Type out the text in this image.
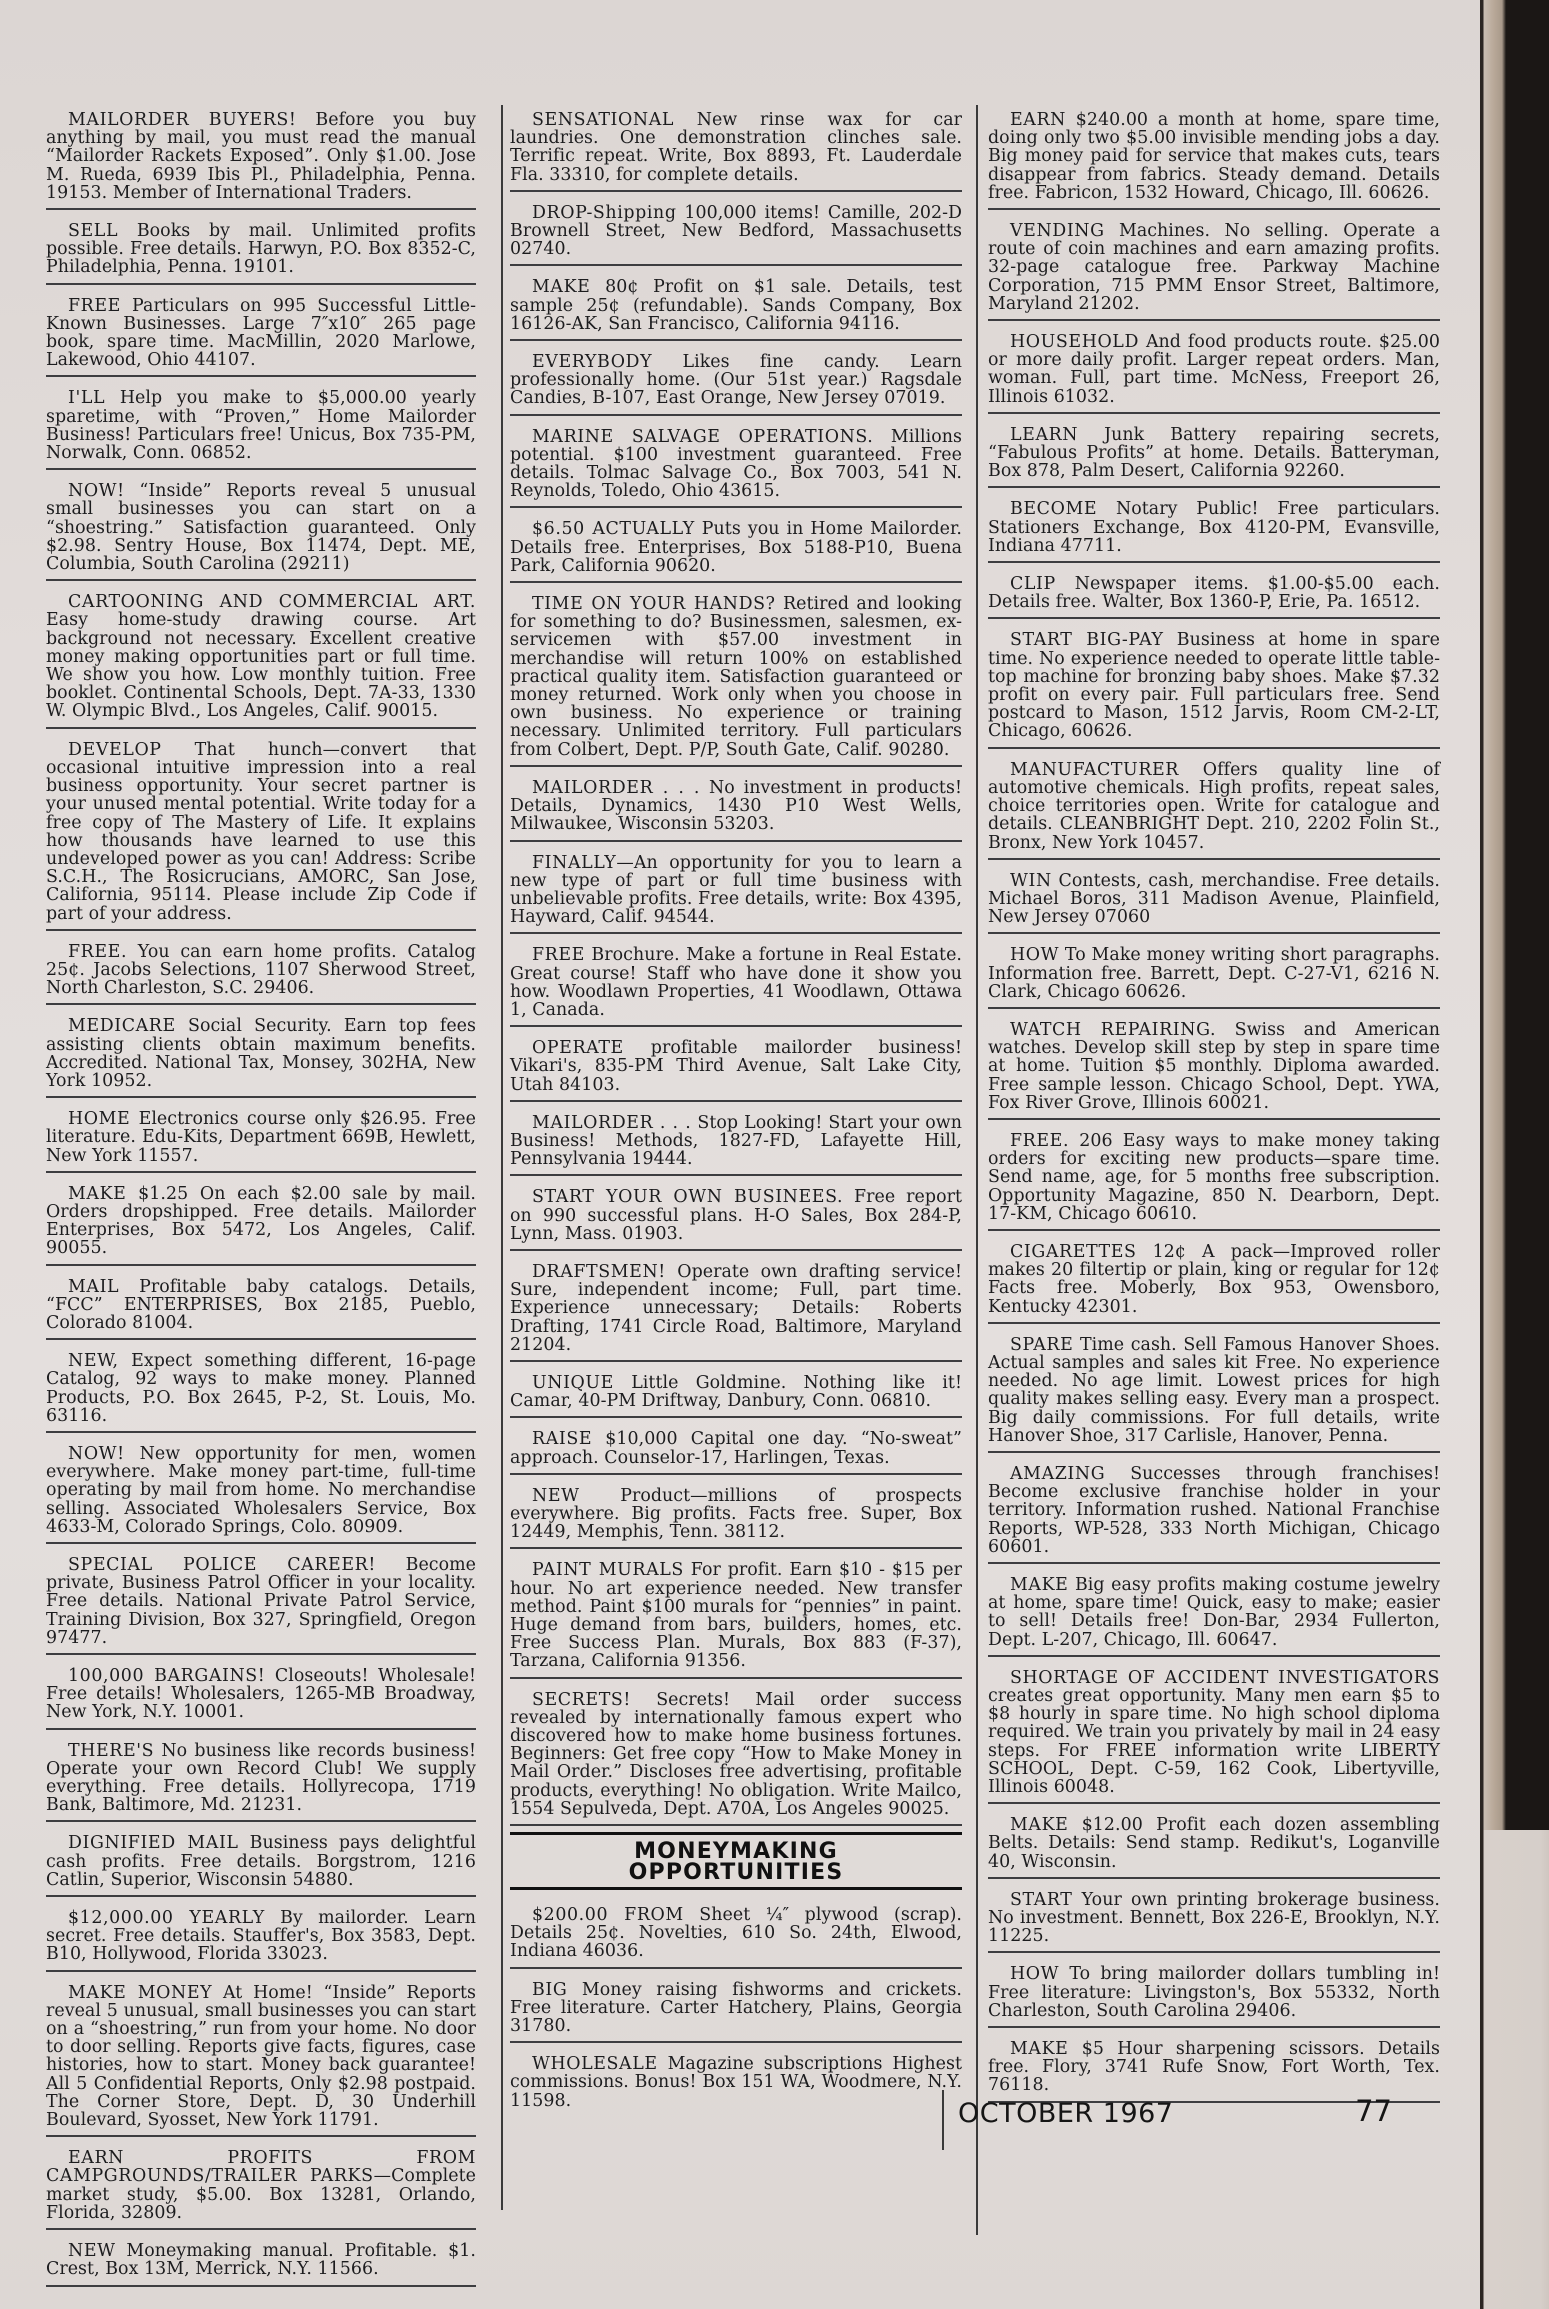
MAILORDER BUYERS! Before you buy anything by mail, you must read the manual “Mailorder Rackets Exposed”. Only $1.00. Jose M. Rueda, 6939 Ibis Pl., Philadelphia, Penna. 19153. Member of International Traders.

SELL Books by mail. Unlimited profits possible. Free details. Harwyn, P.O. Box 8352-C, Philadelphia, Penna. 19101.

FREE Particulars on 995 Successful Little-Known Businesses. Large 7″x10″ 265 page book, spare time. MacMillin, 2020 Marlowe, Lakewood, Ohio 44107.

I'LL Help you make to $5,000.00 yearly sparetime, with “Proven,” Home Mailorder Business! Particulars free! Unicus, Box 735-PM, Norwalk, Conn. 06852.

NOW! “Inside” Reports reveal 5 unusual small businesses you can start on a “shoestring.” Satisfaction guaranteed. Only $2.98. Sentry House, Box 11474, Dept. ME, Columbia, South Carolina (29211)

CARTOONING AND COMMERCIAL ART. Easy home-study drawing course. Art background not necessary. Excellent creative money making opportunities part or full time. We show you how. Low monthly tuition. Free booklet. Continental Schools, Dept. 7A-33, 1330 W. Olympic Blvd., Los Angeles, Calif. 90015.

DEVELOP That hunch—convert that occasional intuitive impression into a real business opportunity. Your secret partner is your unused mental potential. Write today for a free copy of The Mastery of Life. It explains how thousands have learned to use this undeveloped power as you can! Address: Scribe S.C.H., The Rosicrucians, AMORC, San Jose, California, 95114. Please include Zip Code if part of your address.

FREE. You can earn home profits. Catalog 25¢. Jacobs Selections, 1107 Sherwood Street, North Charleston, S.C. 29406.

MEDICARE Social Security. Earn top fees assisting clients obtain maximum benefits. Accredited. National Tax, Monsey, 302HA, New York 10952.

HOME Electronics course only $26.95. Free literature. Edu-Kits, Department 669B, Hewlett, New York 11557.

MAKE $1.25 On each $2.00 sale by mail. Orders dropshipped. Free details. Mailorder Enterprises, Box 5472, Los Angeles, Calif. 90055.

MAIL Profitable baby catalogs. Details, “FCC” ENTERPRISES, Box 2185, Pueblo, Colorado 81004.

NEW, Expect something different, 16-page Catalog, 92 ways to make money. Planned Products, P.O. Box 2645, P-2, St. Louis, Mo. 63116.

NOW! New opportunity for men, women everywhere. Make money part-time, full-time operating by mail from home. No merchandise selling. Associated Wholesalers Service, Box 4633-M, Colorado Springs, Colo. 80909.

SPECIAL POLICE CAREER! Become private, Business Patrol Officer in your locality. Free details. National Private Patrol Service, Training Division, Box 327, Springfield, Oregon 97477.

100,000 BARGAINS! Closeouts! Wholesale! Free details! Wholesalers, 1265-MB Broadway, New York, N.Y. 10001.

THERE'S No business like records business! Operate your own Record Club! We supply everything. Free details. Hollyrecopa, 1719 Bank, Baltimore, Md. 21231.

DIGNIFIED MAIL Business pays delightful cash profits. Free details. Borgstrom, 1216 Catlin, Superior, Wisconsin 54880.

$12,000.00 YEARLY By mailorder. Learn secret. Free details. Stauffer's, Box 3583, Dept. B10, Hollywood, Florida 33023.

MAKE MONEY At Home! “Inside” Reports reveal 5 unusual, small businesses you can start on a “shoestring,” run from your home. No door to door selling. Reports give facts, figures, case histories, how to start. Money back guarantee! All 5 Confidential Reports, Only $2.98 postpaid. The Corner Store, Dept. D, 30 Underhill Boulevard, Syosset, New York 11791.

EARN PROFITS FROM CAMPGROUNDS/TRAILER PARKS—Complete market study, $5.00. Box 13281, Orlando, Florida, 32809.

NEW Moneymaking manual. Profitable. $1. Crest, Box 13M, Merrick, N.Y. 11566.

SENSATIONAL New rinse wax for car laundries. One demonstration clinches sale. Terrific repeat. Write, Box 8893, Ft. Lauderdale Fla. 33310, for complete details.

DROP-Shipping 100,000 items! Camille, 202-D Brownell Street, New Bedford, Massachusetts 02740.

MAKE 80¢ Profit on $1 sale. Details, test sample 25¢ (refundable). Sands Company, Box 16126-AK, San Francisco, California 94116.

EVERYBODY Likes fine candy. Learn professionally home. (Our 51st year.) Ragsdale Candies, B-107, East Orange, New Jersey 07019.

MARINE SALVAGE OPERATIONS. Millions potential. $100 investment guaranteed. Free details. Tolmac Salvage Co., Box 7003, 541 N. Reynolds, Toledo, Ohio 43615.

$6.50 ACTUALLY Puts you in Home Mailorder. Details free. Enterprises, Box 5188-P10, Buena Park, California 90620.

TIME ON YOUR HANDS? Retired and looking for something to do? Businessmen, salesmen, ex-servicemen with $57.00 investment in merchandise will return 100% on established practical quality item. Satisfaction guaranteed or money returned. Work only when you choose in own business. No experience or training necessary. Unlimited territory. Full particulars from Colbert, Dept. P/P, South Gate, Calif. 90280.

MAILORDER . . . No investment in products! Details, Dynamics, 1430 P10 West Wells, Milwaukee, Wisconsin 53203.

FINALLY—An opportunity for you to learn a new type of part or full time business with unbelievable profits. Free details, write: Box 4395, Hayward, Calif. 94544.

FREE Brochure. Make a fortune in Real Estate. Great course! Staff who have done it show you how. Woodlawn Properties, 41 Woodlawn, Ottawa 1, Canada.

OPERATE profitable mailorder business! Vikari's, 835-PM Third Avenue, Salt Lake City, Utah 84103.

MAILORDER . . . Stop Looking! Start your own Business! Methods, 1827-FD, Lafayette Hill, Pennsylvania 19444.

START YOUR OWN BUSINEES. Free report on 990 successful plans. H-O Sales, Box 284-P, Lynn, Mass. 01903.

DRAFTSMEN! Operate own drafting service! Sure, independent income; Full, part time. Experience unnecessary; Details: Roberts Drafting, 1741 Circle Road, Baltimore, Maryland 21204.

UNIQUE Little Goldmine. Nothing like it! Camar, 40-PM Driftway, Danbury, Conn. 06810.

RAISE $10,000 Capital one day. “No-sweat” approach. Counselor-17, Harlingen, Texas.

NEW Product—millions of prospects everywhere. Big profits. Facts free. Super, Box 12449, Memphis, Tenn. 38112.

PAINT MURALS For profit. Earn $10 - $15 per hour. No art experience needed. New transfer method. Paint $100 murals for “pennies” in paint. Huge demand from bars, builders, homes, etc. Free Success Plan. Murals, Box 883 (F-37), Tarzana, California 91356.

SECRETS! Secrets! Mail order success revealed by internationally famous expert who discovered how to make home business fortunes. Beginners: Get free copy “How to Make Money in Mail Order.” Discloses free advertising, profitable products, everything! No obligation. Write Mailco, 1554 Sepulveda, Dept. A70A, Los Angeles 90025.

MONEYMAKING
OPPORTUNITIES

$200.00 FROM Sheet ¼″ plywood (scrap). Details 25¢. Novelties, 610 So. 24th, Elwood, Indiana 46036.

BIG Money raising fishworms and crickets. Free literature. Carter Hatchery, Plains, Georgia 31780.

WHOLESALE Magazine subscriptions Highest commissions. Bonus! Box 151 WA, Woodmere, N.Y. 11598.

EARN $240.00 a month at home, spare time, doing only two $5.00 invisible mending jobs a day. Big money paid for service that makes cuts, tears disappear from fabrics. Steady demand. Details free. Fabricon, 1532 Howard, Chicago, Ill. 60626.

VENDING Machines. No selling. Operate a route of coin machines and earn amazing profits. 32-page catalogue free. Parkway Machine Corporation, 715 PMM Ensor Street, Baltimore, Maryland 21202.

HOUSEHOLD And food products route. $25.00 or more daily profit. Larger repeat orders. Man, woman. Full, part time. McNess, Freeport 26, Illinois 61032.

LEARN Junk Battery repairing secrets, “Fabulous Profits” at home. Details. Batteryman, Box 878, Palm Desert, California 92260.

BECOME Notary Public! Free particulars. Stationers Exchange, Box 4120-PM, Evansville, Indiana 47711.

CLIP Newspaper items. $1.00-$5.00 each. Details free. Walter, Box 1360-P, Erie, Pa. 16512.

START BIG-PAY Business at home in spare time. No experience needed to operate little table-top machine for bronzing baby shoes. Make $7.32 profit on every pair. Full particulars free. Send postcard to Mason, 1512 Jarvis, Room CM-2-LT, Chicago, 60626.

MANUFACTURER Offers quality line of automotive chemicals. High profits, repeat sales, choice territories open. Write for catalogue and details. CLEANBRIGHT Dept. 210, 2202 Folin St., Bronx, New York 10457.

WIN Contests, cash, merchandise. Free details. Michael Boros, 311 Madison Avenue, Plainfield, New Jersey 07060

HOW To Make money writing short paragraphs. Information free. Barrett, Dept. C-27-V1, 6216 N. Clark, Chicago 60626.

WATCH REPAIRING. Swiss and American watches. Develop skill step by step in spare time at home. Tuition $5 monthly. Diploma awarded. Free sample lesson. Chicago School, Dept. YWA, Fox River Grove, Illinois 60021.

FREE. 206 Easy ways to make money taking orders for exciting new products—spare time. Send name, age, for 5 months free subscription. Opportunity Magazine, 850 N. Dearborn, Dept. 17-KM, Chicago 60610.

CIGARETTES 12¢ A pack—Improved roller makes 20 filtertip or plain, king or regular for 12¢ Facts free. Moberly, Box 953, Owensboro, Kentucky 42301.

SPARE Time cash. Sell Famous Hanover Shoes. Actual samples and sales kit Free. No experience needed. No age limit. Lowest prices for high quality makes selling easy. Every man a prospect. Big daily commissions. For full details, write Hanover Shoe, 317 Carlisle, Hanover, Penna.

AMAZING Successes through franchises! Become exclusive franchise holder in your territory. Information rushed. National Franchise Reports, WP-528, 333 North Michigan, Chicago 60601.

MAKE Big easy profits making costume jewelry at home, spare time! Quick, easy to make; easier to sell! Details free! Don-Bar, 2934 Fullerton, Dept. L-207, Chicago, Ill. 60647.

SHORTAGE OF ACCIDENT INVESTIGATORS creates great opportunity. Many men earn $5 to $8 hourly in spare time. No high school diploma required. We train you privately by mail in 24 easy steps. For FREE information write LIBERTY SCHOOL, Dept. C-59, 162 Cook, Libertyville, Illinois 60048.

MAKE $12.00 Profit each dozen assembling Belts. Details: Send stamp. Redikut's, Loganville 40, Wisconsin.

START Your own printing brokerage business. No investment. Bennett, Box 226-E, Brooklyn, N.Y. 11225.

HOW To bring mailorder dollars tumbling in! Free literature: Livingston's, Box 55332, North Charleston, South Carolina 29406.

MAKE $5 Hour sharpening scissors. Details free. Flory, 3741 Rufe Snow, Fort Worth, Tex. 76118.

OCTOBER 1967	77
